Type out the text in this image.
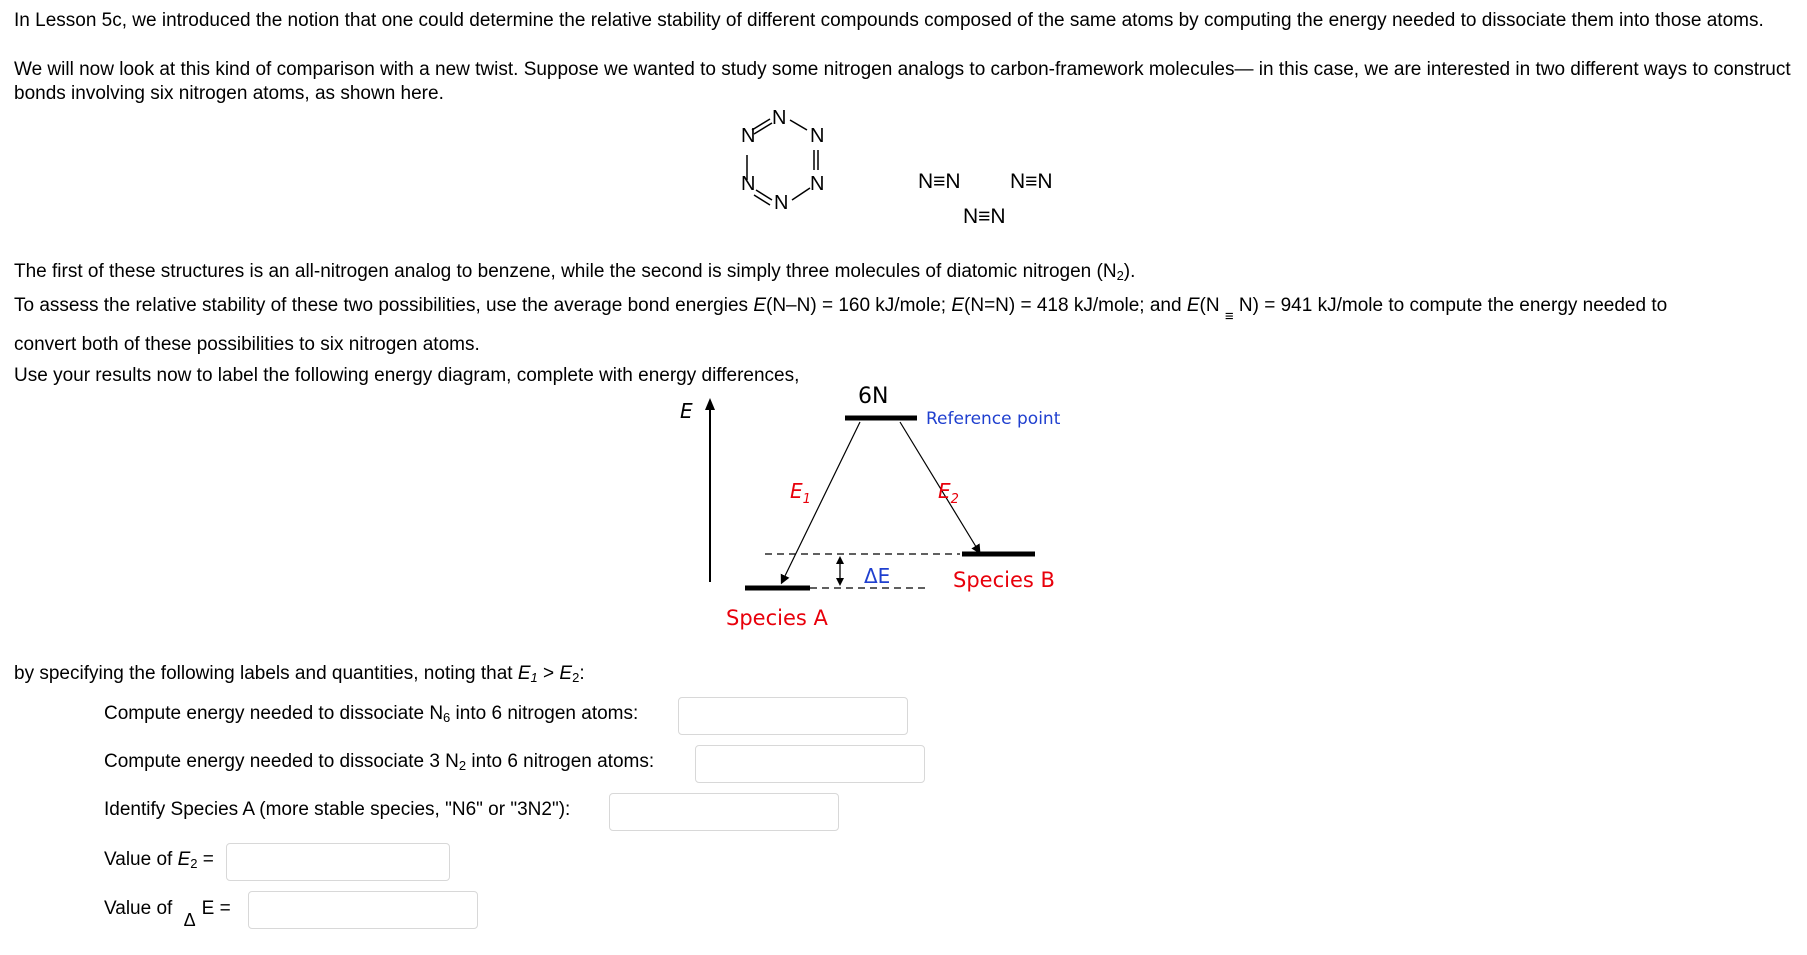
In Lesson 5c, we introduced the notion that one could determine the relative stability of different compounds composed of the same atoms by computing the energy needed to dissociate them into those atoms.
We will now look at this kind of comparison with a new twist. Suppose we wanted to study some nitrogen analogs to carbon-framework molecules— in this case, we are interested in two different ways to construct bonds involving six nitrogen atoms, as shown here.
N
N
N
N
N
N
N≡N N≡N
N≡N
The first of these structures is an all-nitrogen analog to benzene, while the second is simply three molecules of diatomic nitrogen $(N_2)$.
To assess the relative stability of these two possibilities, use the average bond energies E(N–N) = 160 kJ/mole; E(N=N) = 418 kJ/mole; and E(N $_\equiv$ N) = 941 kJ/mole to compute the energy needed to
convert both of these possibilities to six nitrogen atoms.
Use your results now to label the following energy diagram, complete with energy differences,
E
6N
Reference point
Species A
Species B
$E_1$	$E_2$
ΔE
by specifying the following labels and quantities, noting that $E_1 > E_2$:
Compute energy needed to dissociate $N_6$ into 6 nitrogen atoms:
Compute energy needed to dissociate 3 $N_2$ into 6 nitrogen atoms:
Identify Species A (more stable species, "N6" or "3N2"):
Value of $E_2$ =
Value of ΔE =
